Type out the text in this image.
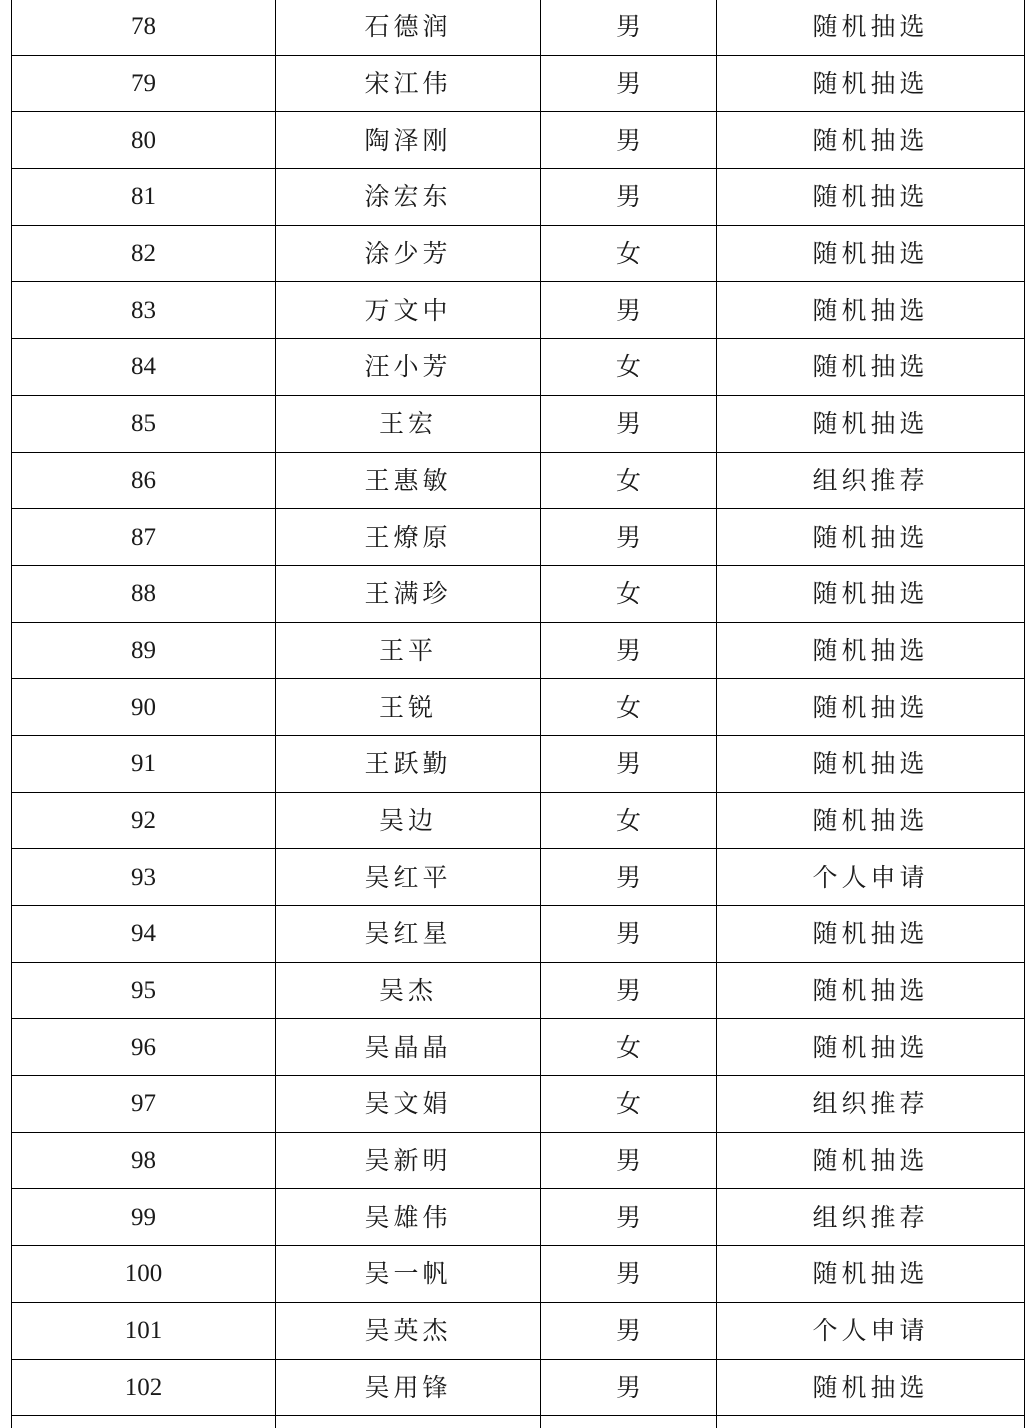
78	石德润	男	随机抽选
79	宋江伟	男	随机抽选
80	陶泽刚	男	随机抽选
81	涂宏东	男	随机抽选
82	涂少芳	女	随机抽选
83	万文中	男	随机抽选
84	汪小芳	女	随机抽选
85	王宏	男	随机抽选
86	王惠敏	女	组织推荐
87	王燎原	男	随机抽选
88	王满珍	女	随机抽选
89	王平	男	随机抽选
90	王锐	女	随机抽选
91	王跃勤	男	随机抽选
92	吴边	女	随机抽选
93	吴红平	男	个人申请
94	吴红星	男	随机抽选
95	吴杰	男	随机抽选
96	吴晶晶	女	随机抽选
97	吴文娟	女	组织推荐
98	吴新明	男	随机抽选
99	吴雄伟	男	组织推荐
100	吴一帆	男	随机抽选
101	吴英杰	男	个人申请
102	吴用锋	男	随机抽选
